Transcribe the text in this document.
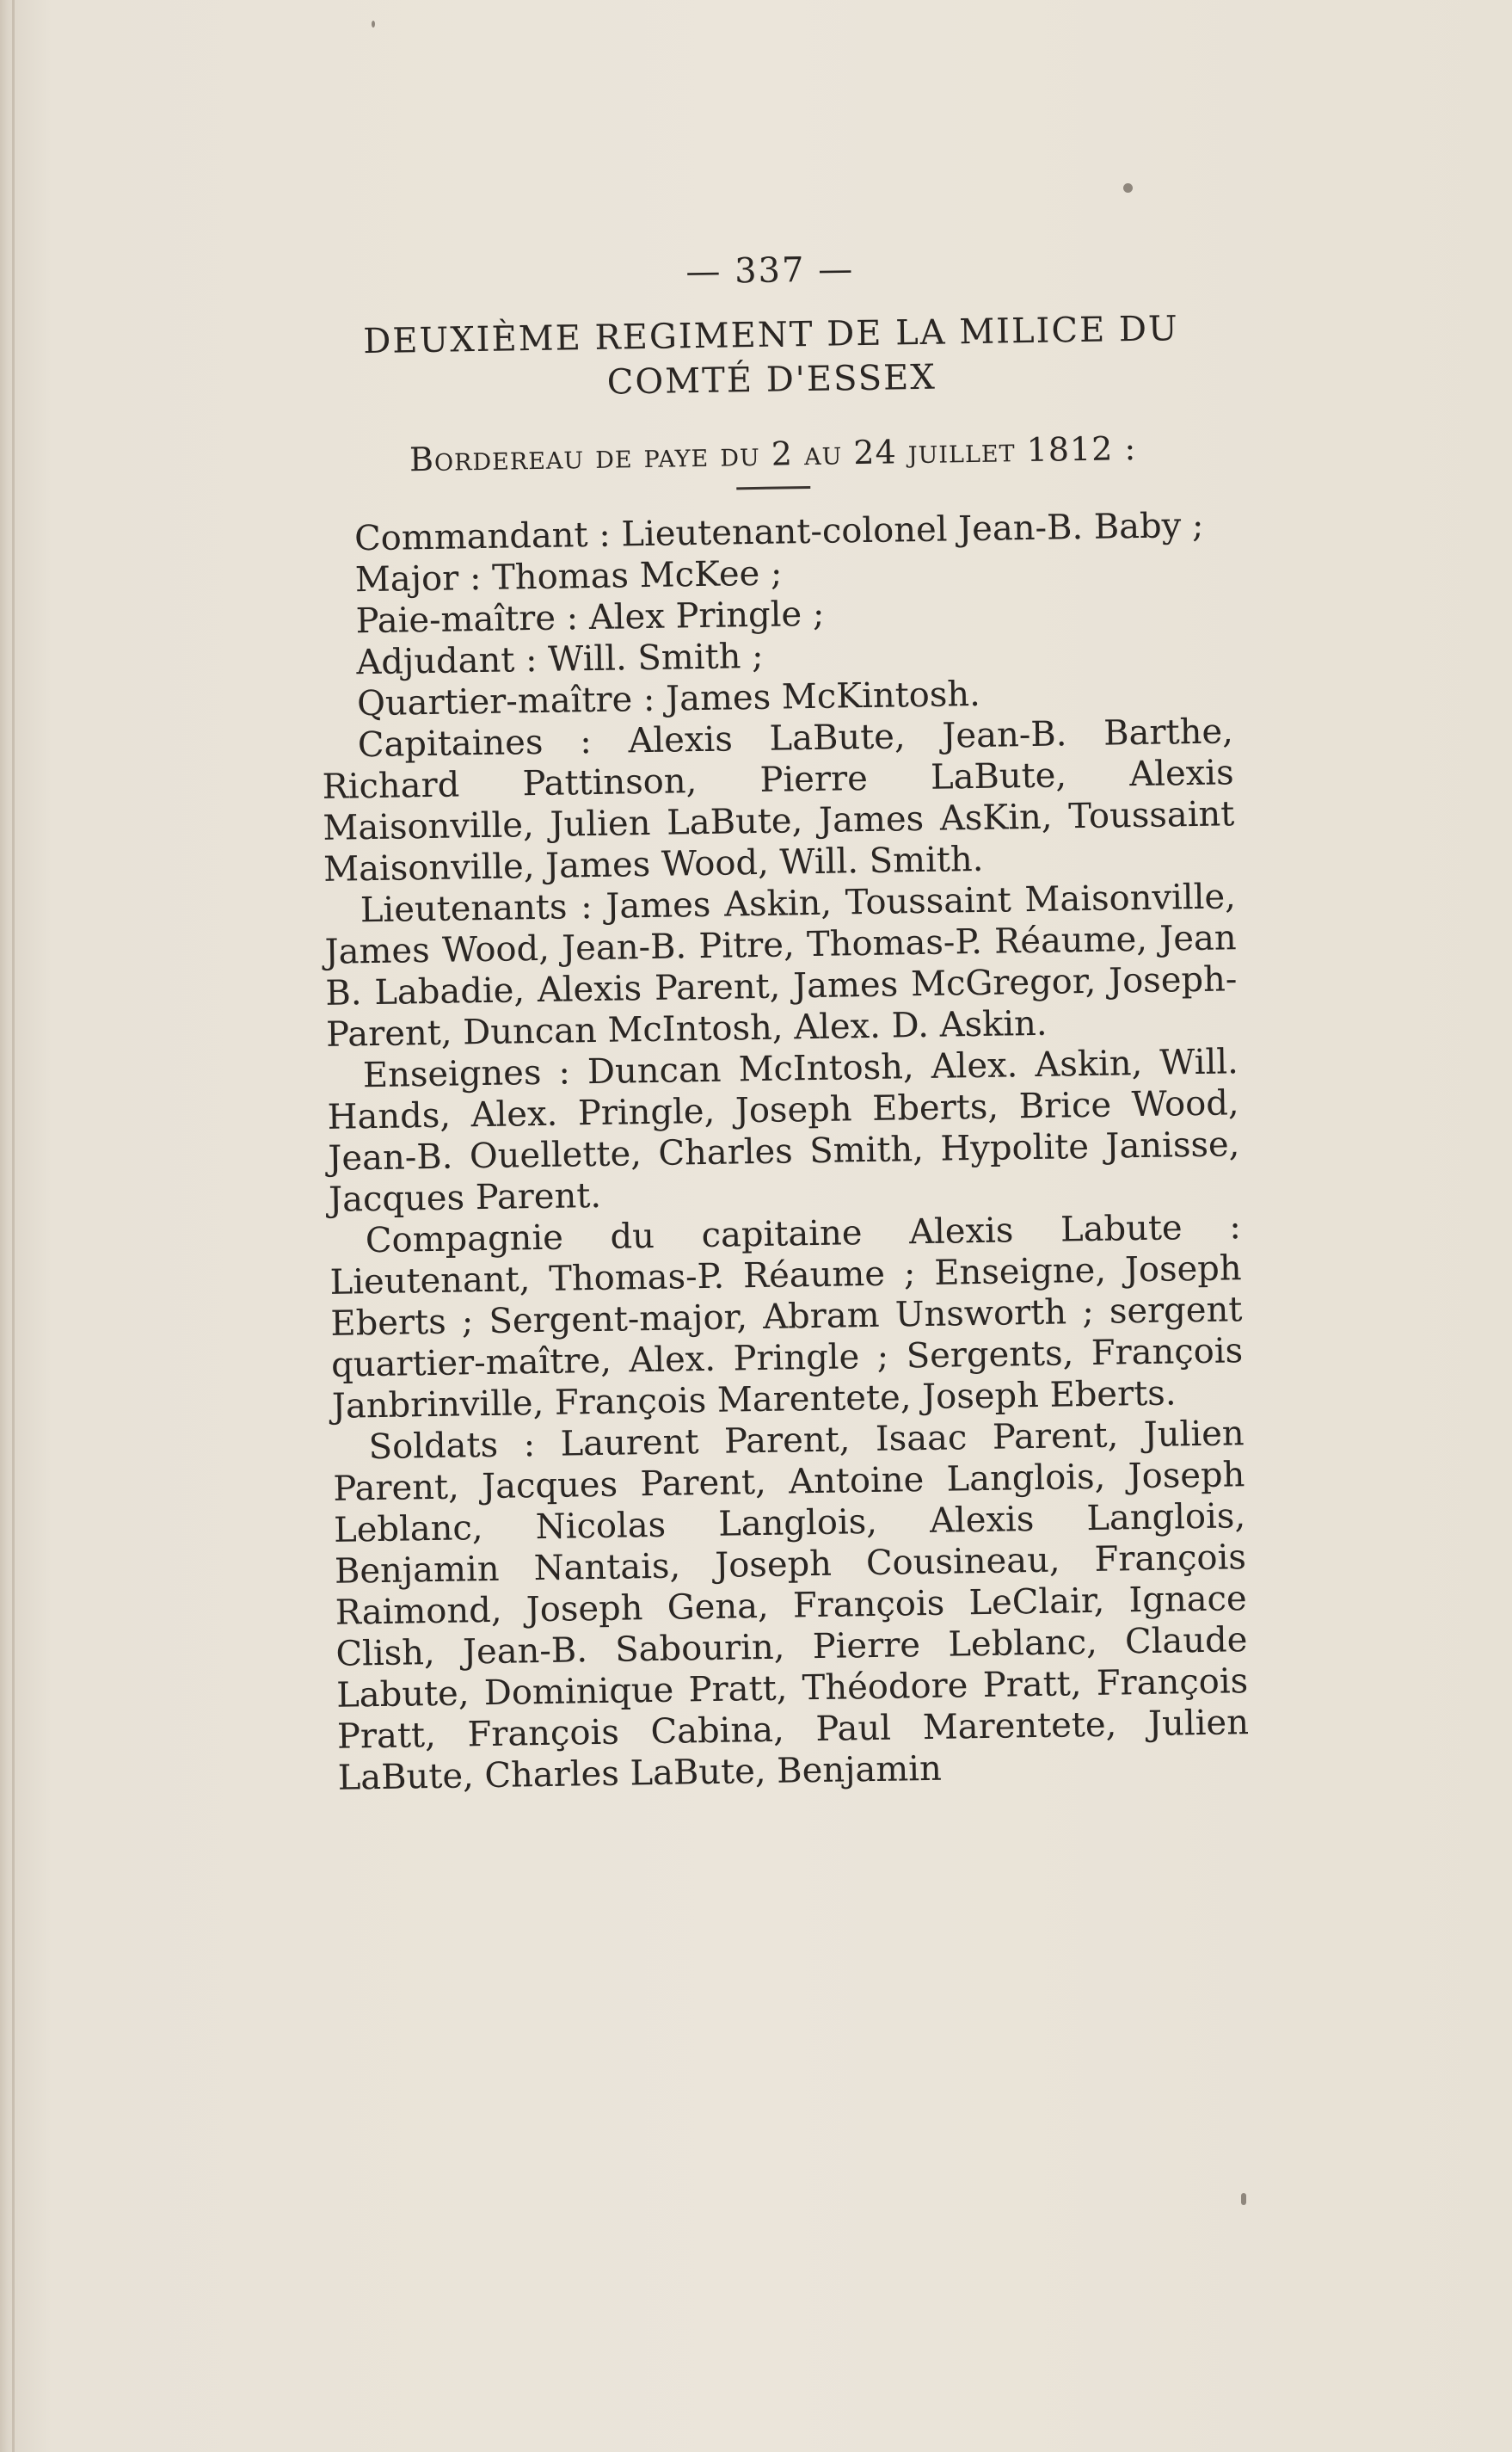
— 337 —
DEUXIÈME REGIMENT DE LA MILICE DU
COMTÉ D'ESSEX
Bordereau de paye du 2 au 24 juillet 1812 :

Commandant : Lieutenant-colonel Jean-B. Baby ;

Major : Thomas McKee ;

Paie-maître : Alex Pringle ;

Adjudant : Will. Smith ;

Quartier-maître : James McKintosh.

Capitaines : Alexis LaBute, Jean-B. Barthe, Richard Pattinson, Pierre LaBute, Alexis Maisonville, Julien LaBute, James AsKin, Toussaint Maisonville, James Wood, Will. Smith.

Lieutenants : James Askin, Toussaint Maisonville, James Wood, Jean-B. Pitre, Thomas-P. Réaume, Jean B. Labadie, Alexis Parent, James McGregor, Joseph-Parent, Duncan McIntosh, Alex. D. Askin.

Enseignes : Duncan McIntosh, Alex. Askin, Will. Hands, Alex. Pringle, Joseph Eberts, Brice Wood, Jean-B. Ouellette, Charles Smith, Hypolite Janisse, Jacques Parent.

Compagnie du capitaine Alexis Labute : Lieutenant, Thomas-P. Réaume ; Enseigne, Joseph Eberts ; Sergent-major, Abram Unsworth ; sergent quartier-maître, Alex. Pringle ; Sergents, François Janbrinville, François Marentete, Joseph Eberts.

Soldats : Laurent Parent, Isaac Parent, Julien Parent, Jacques Parent, Antoine Langlois, Joseph Leblanc, Nicolas Langlois, Alexis Langlois, Benjamin Nantais, Joseph Cousineau, François Raimond, Joseph Gena, François LeClair, Ignace Clish, Jean-B. Sabourin, Pierre Leblanc, Claude Labute, Dominique Pratt, Théodore Pratt, François Pratt, François Cabina, Paul Marentete, Julien LaBute, Charles LaBute, Benjamin
